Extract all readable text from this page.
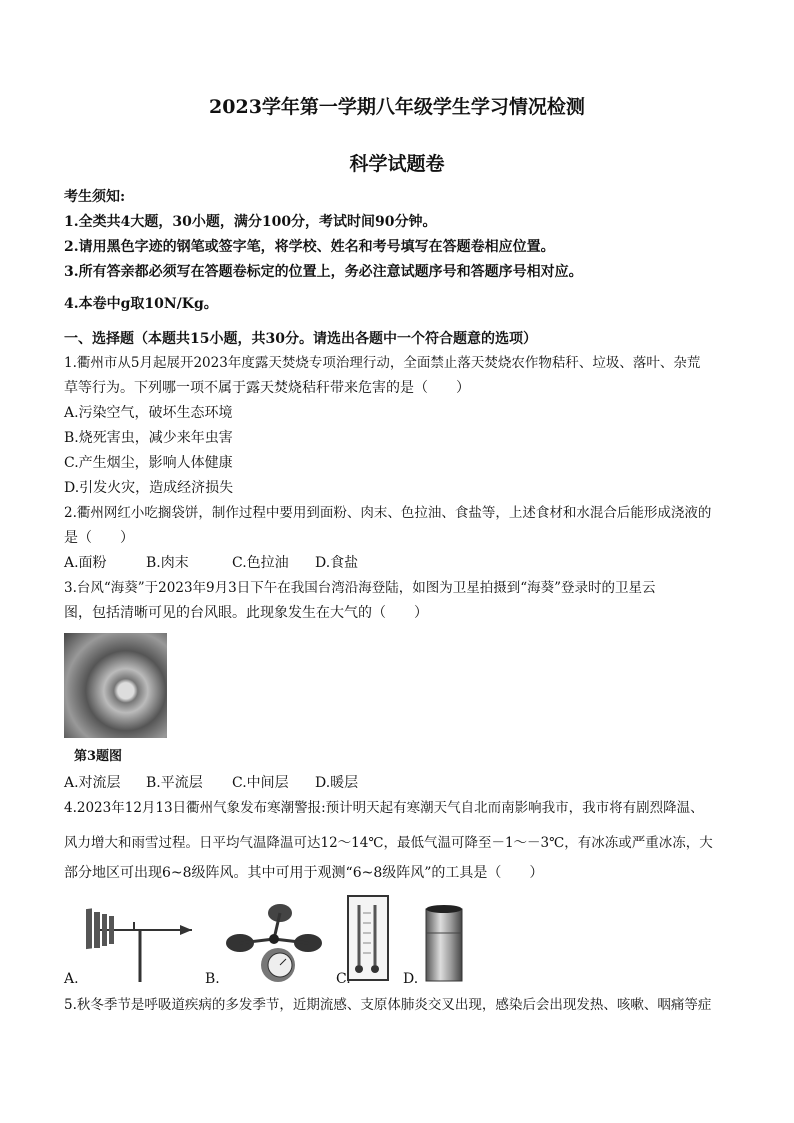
2023学年第一学期八年级学生学习情况检测
科学试题卷
考生须知:
1.全类共4大题，30小题，满分100分，考试时间90分钟。
2.请用黑色字迹的钢笔或签字笔，将学校、姓名和考号填写在答题卷相应位置。
3.所有答亲都必须写在答题卷标定的位置上，务必注意试题序号和答题序号相对应。
4.本卷中g取10N/Kg。
一、选择题（本题共15小题，共30分。请选出各题中一个符合题意的选项）
1.衢州市从5月起展开2023年度露天焚烧专项治理行动，全面禁止落天焚烧农作物秸秆、垃圾、落叶、杂荒
草等行为。下列哪一项不属于露天焚烧秸秆带来危害的是（　　）
A.污染空气，破坏生态环境
B.烧死害虫，减少来年虫害
C.产生烟尘，影响人体健康
D.引发火灾，造成经济损失
2.衢州网红小吃搁袋饼，制作过程中要用到面粉、肉末、色拉油、食盐等，上述食材和水混合后能形成浇液的
是（　　）
A.面粉	B.肉末	C.色拉油 D.食盐
3.台风“海葵”于2023年9月3日下午在我国台湾沿海登陆，如图为卫星拍摄到“海葵”登录时的卫星云
图，包括清晰可见的台风眼。此现象发生在大气的（　　）
第3题图
A.对流层 B.平流层 C.中间层 D.暖层
4.2023年12月13日衢州气象发布寒潮警报:预计明天起有寒潮天气自北而南影响我市，我市将有剧烈降温、
风力增大和雨雪过程。日平均气温降温可达12～14℃，最低气温可降至－1～－3℃，有冰冻或严重冰冻，大
部分地区可出现6~8级阵风。其中可用于观测“6~8级阵风”的工具是（　　）
A.	B.	C.	D.
5.秋冬季节是呼吸道疾病的多发季节，近期流感、支原体肺炎交叉出现，感染后会出现发热、咳嗽、咽痛等症
